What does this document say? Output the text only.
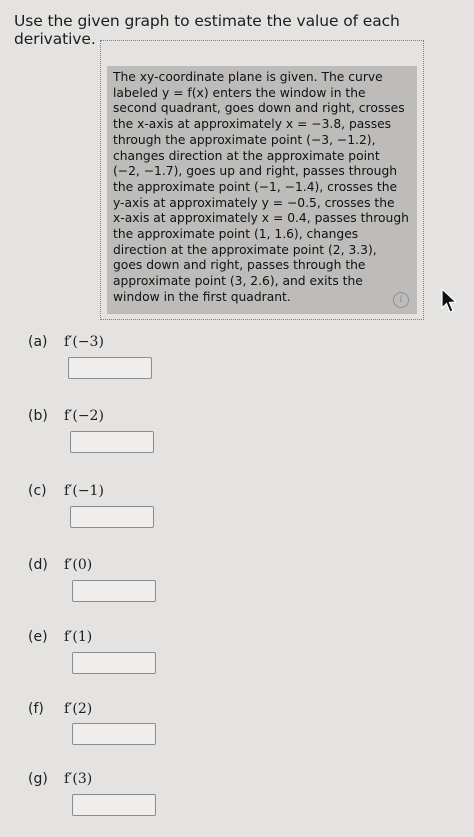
Use the given graph to estimate the value of each derivative.
The xy-coordinate plane is given. The curve labeled y = f(x) enters the window in the second quadrant, goes down and right, crosses the x-axis at approximately x = −3.8, passes through the approximate point (−3, −1.2), changes direction at the approximate point (−2, −1.7), goes up and right, passes through the approximate point (−1, −1.4), crosses the y-axis at approximately y = −0.5, crosses the x-axis at approximately x = 0.4, passes through the approximate point (1, 1.6), changes direction at the approximate point (2, 3.3), goes down and right, passes through the approximate point (3, 2.6), and exits the window in the first quadrant.	i
(a) f′(−3)
(b) f′(−2)
(c) f′(−1)
(d) f′(0)
(e) f′(1)
(f) f′(2)
(g) f′(3)
